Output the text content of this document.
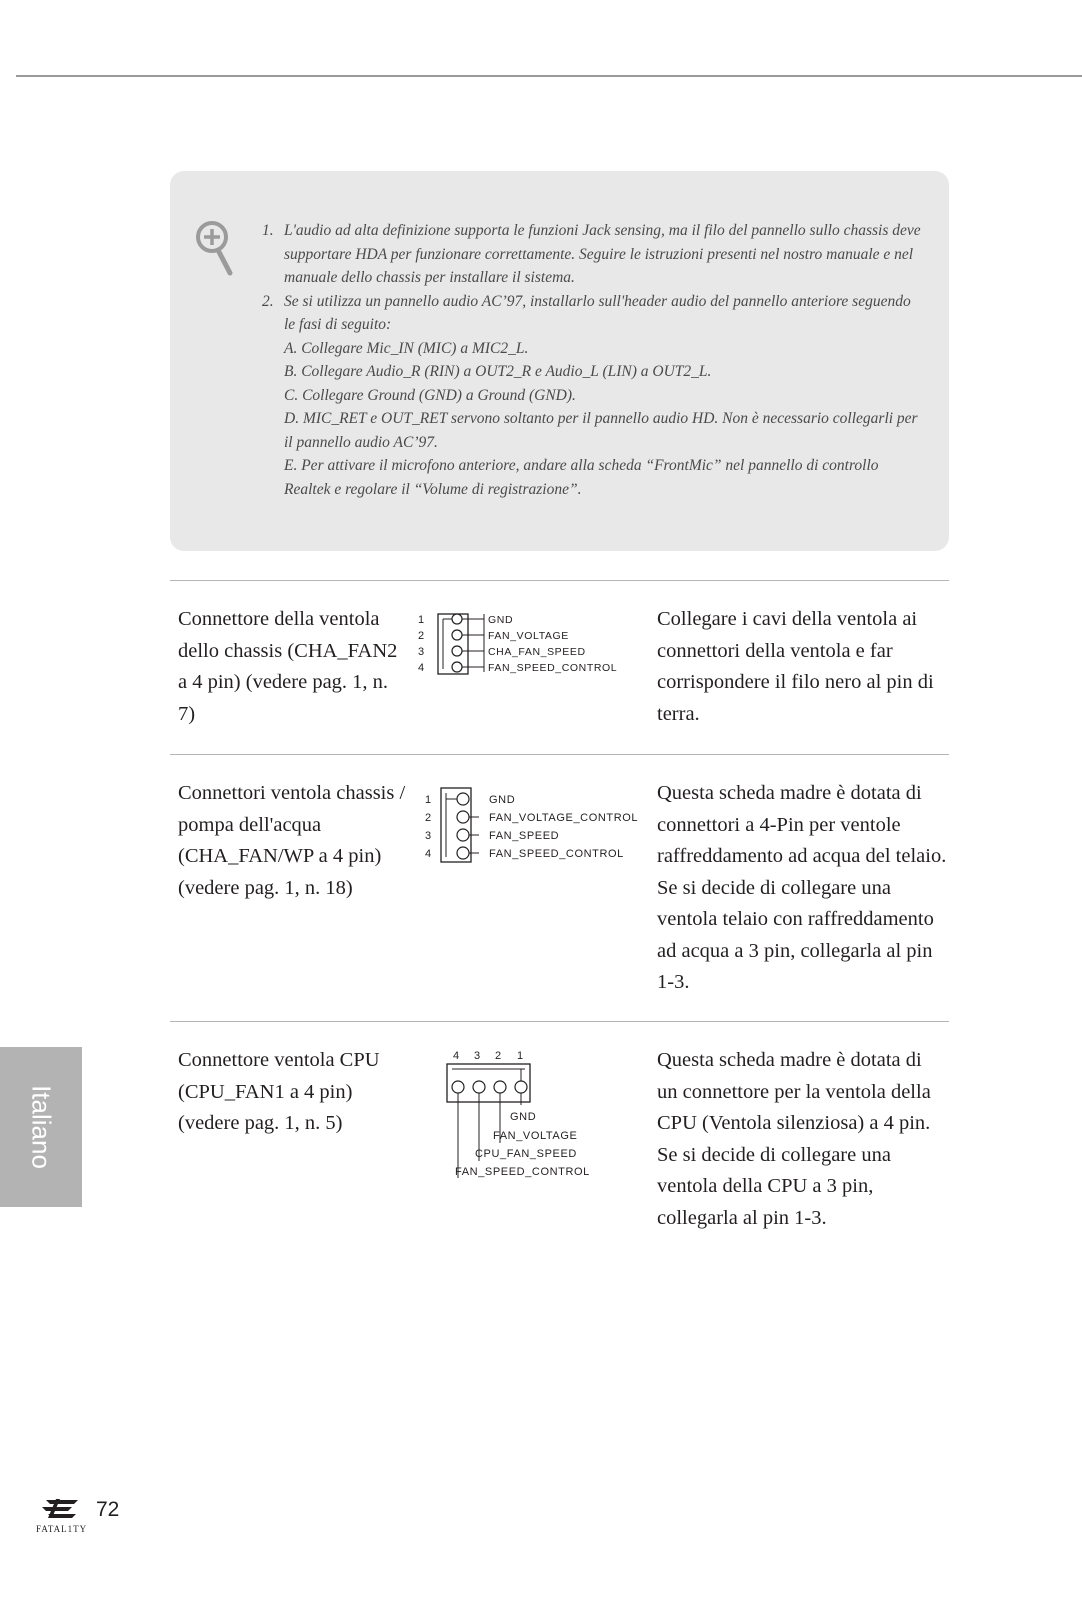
1. L'audio ad alta definizione supporta le funzioni Jack sensing, ma il filo del pannello sullo chassis deve supportare HDA per funzionare correttamente. Seguire le istruzioni presenti nel nostro manuale e nel manuale dello chassis per installare il sistema.
2. Se si utilizza un pannello audio AC’97, installarlo sull'header audio del pannello anteriore seguendo le fasi di seguito:
A. Collegare Mic_IN (MIC) a MIC2_L.
B. Collegare Audio_R (RIN) a OUT2_R e Audio_L (LIN) a OUT2_L.
C. Collegare Ground (GND) a Ground (GND).
D. MIC_RET e OUT_RET servono soltanto per il pannello audio HD. Non è necessario collegarli per il pannello audio AC’97.
E. Per attivare il microfono anteriore, andare alla scheda “FrontMic” nel pannello di controllo Realtek e regolare il “Volume di registrazione”.
Connettore della ventola dello chassis (CHA_FAN2 a 4 pin) (vedere pag. 1, n. 7)
1
2
3
4
GND
FAN_VOLTAGE
CHA_FAN_SPEED
FAN_SPEED_CONTROL
Collegare i cavi della ventola ai connettori della ventola e far corrispondere il filo nero al pin di terra.
Connettori ventola chassis / pompa dell'acqua (CHA_FAN/WP a 4 pin) (vedere pag. 1, n. 18)
1
2
3
4
GND
FAN_VOLTAGE_CONTROL
FAN_SPEED
FAN_SPEED_CONTROL
Questa scheda madre è dotata di connettori a 4-Pin per ventole raffreddamento ad acqua del telaio. Se si decide di collegare una ventola telaio con raffreddamento ad acqua a 3 pin, collegarla al pin 1-3.
Connettore ventola CPU (CPU_FAN1 a 4 pin) (vedere pag. 1, n. 5)
4 3 2 1
GND
FAN_VOLTAGE
CPU_FAN_SPEED
FAN_SPEED_CONTROL
Questa scheda madre è dotata di un connettore per la ventola della CPU (Ventola silenziosa) a 4 pin. Se si decide di collegare una ventola della CPU a 3 pin, collegarla al pin 1-3.
Italiano
FATAL1TY
72
